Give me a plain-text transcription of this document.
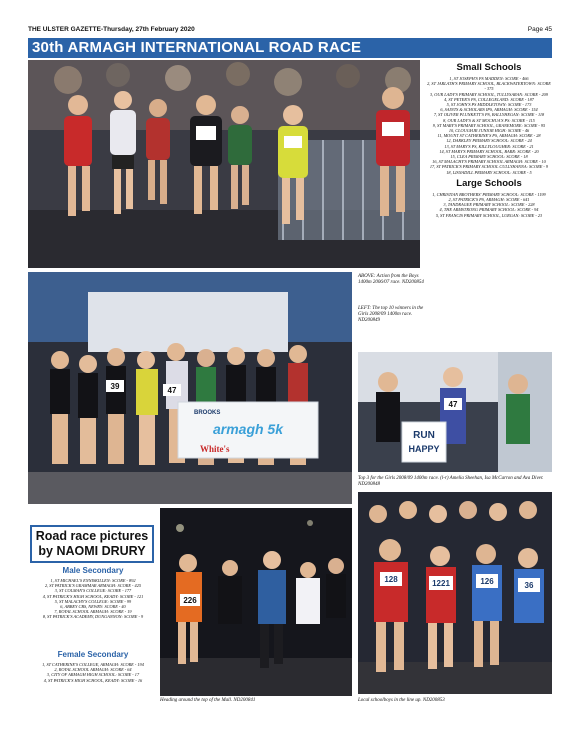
THE ULSTER GAZETTE-Thursday, 27th February 2020	Page 45
30th ARMAGH INTERNATIONAL ROAD RACE
Small Schools
1, ST JOSEPH'S PS MADDEN: SCORE - 466
2, ST JARLATH'S PRIMARY SCHOOL, BLACKWATERTOWN: SCORE - 375
3, OUR LADY'S PRIMARY SCHOOL, TULLYSARAN: SCORE - 209
4, ST PETER'S PS, COLLEGELAND: SCORE - 187
5, ST JOHN'S PS MIDDLETOWN: SCORE - 173
6, SAINTS & SCHOLARS IPS, ARMAGH: SCORE - 154
7, ST OLIVER PLUNKETT'S PS, BALLYHEGAN: SCORE - 118
8, OUR LADY'S & ST MOCHUA'S PS: SCORE - 115
9, ST MARY'S PRIMARY SCHOOL, GRANEMORE: SCORE - 95
10, CLOUGHJR JUNIOR HIGH: SCORE - 46
11, MOUNT ST CATHERINE'S PS, ARMAGH: SCORE - 28
12, DARKLEY PRIMARY SCHOOL: SCORE - 24
13, ST MARY'S PS, KILLYLOUGHER: SCORE - 21
14, ST MARY'S PRIMARY SCHOOL, BARR: SCORE - 20
15, CLEA PRIMARY SCHOOL: SCORE - 18
16, ST MALACHY'S PRIMARY SCHOOL ARMAGH: SCORE - 10
17, ST PATRICK'S PRIMARY SCHOOL CULLYHANNA: SCORE - 9
18, LISNADILL PRIMARY SCHOOL: SCORE - 5
Large Schools
1, CHRISTIAN BROTHERS' PRIMARY SCHOOL: SCORE - 1199
2, ST PATRICK'S PS, ARMAGH: SCORE - 641
3, TANDRAGEE PRIMARY SCHOOL: SCORE - 228
4, THE ARMSTRONG PRIMARY SCHOOL: SCORE - 94
5, ST FRANCIS PRIMARY SCHOOL, LURGAN: SCORE - 23
47
39
BROOKS
armagh 5k
White's
ABOVE: Action from the Boys 1400m 2006/07 race. ND200854
LEFT: The top 10 winners in the Girls 2008/09 1400m race. ND200849
47
RUN
HAPPY
Top 3 for the Girls 2008/09 1400m race. (l-r) Amelia Sheehan, Isa McCarron and Ava Diver. ND200848
Road race pictures
by NAOMI DRURY
Male Secondary
1, ST MICHAEL'S ENNISKILLEN: SCORE - 892
2, ST PATRICK'S GRAMMAR ARMAGH: SCORE - 425
3, ST COLMAN'S COLLEGE: SCORE - 177
4, ST PATRICK'S HIGH SCHOOL, KEADY: SCORE - 121
5, ST MALACHY'S COLLEGE: SCORE - 99
6, ABBEY CBS, NEWRY: SCORE - 40
7, ROYAL SCHOOL ARMAGH: SCORE - 19
8, ST PATRICK'S ACADEMY, DUNGANNON: SCORE - 9
Female Secondary
1, ST CATHERINE'S COLLEGE, ARMAGH: SCORE - 194
2, ROYAL SCHOOL ARMAGH: SCORE - 64
3, CITY OF ARMAGH HIGH SCHOOL: SCORE - 17
4, ST PATRICK'S HIGH SCHOOL, KEADY: SCORE - 16
226
Heading around the top of the Mall. ND200841
128	1221	126	36
Local schoolboys in the line up. ND200853
